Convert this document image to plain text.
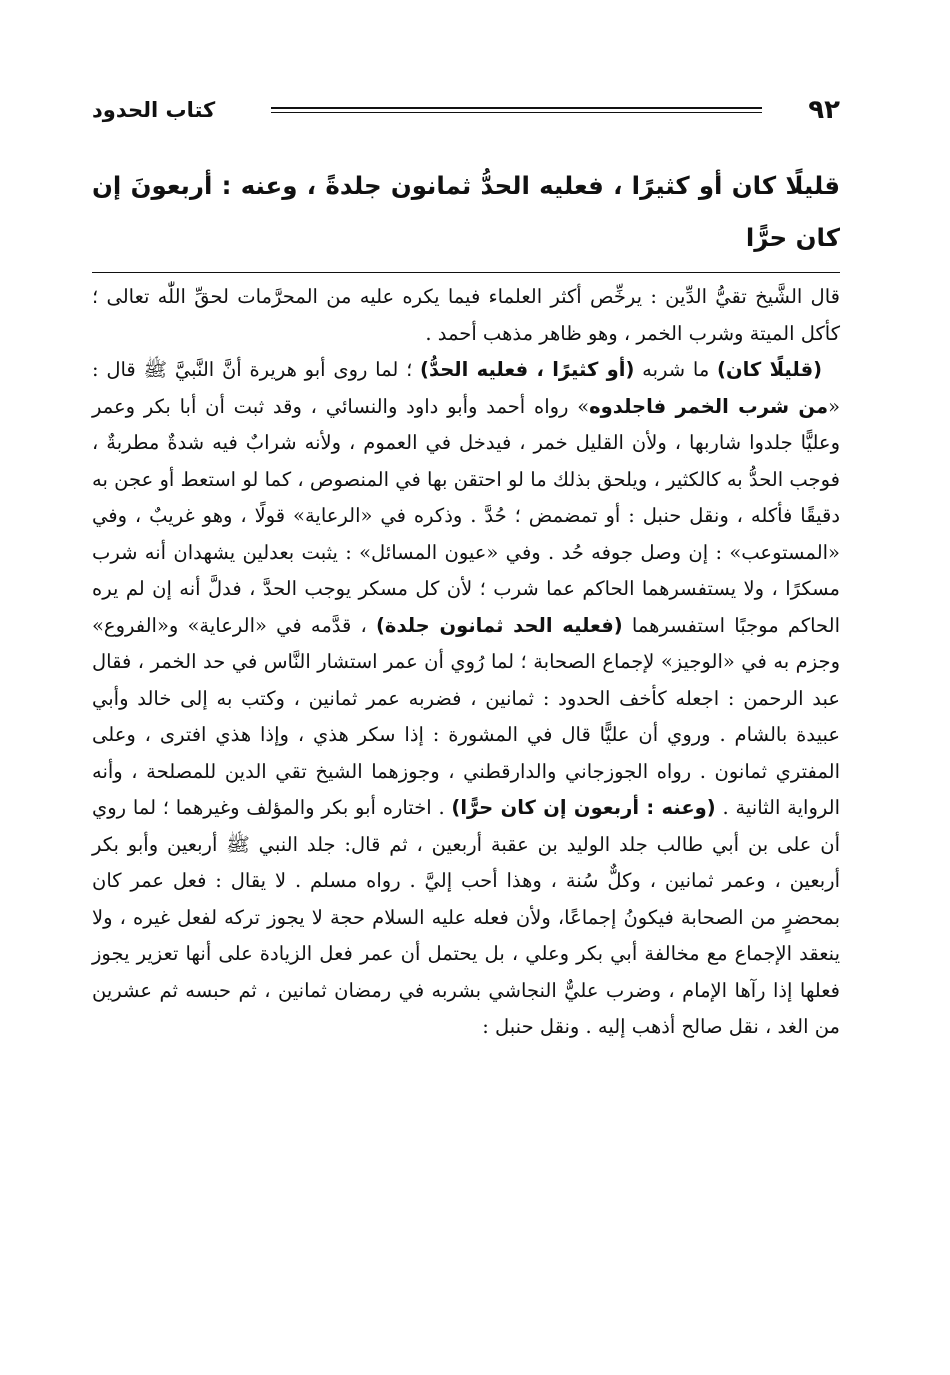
٩٢
كتاب الحدود
قليلًا كان أو كثيرًا ، فعليه الحدُّ ثمانون جلدةً ، وعنه : أربعونَ إن كان حرًّا

قال الشَّيخ تقيُّ الدِّين : يرخِّص أكثر العلماء فيما يكره عليه من المحرَّمات لحقِّ اللّٰه تعالى ؛ كأكل الميتة وشرب الخمر ، وهو ظاهر مذهب أحمد .

(قليلًا كان) ما شربه (أو كثيرًا ، فعليه الحدُّ) ؛ لما روى أبو هريرة أنَّ النَّبيَّ ﷺ قال : «من شرب الخمر فاجلدوه» رواه أحمد وأبو داود والنسائي ، وقد ثبت أن أبا بكر وعمر وعليًّا جلدوا شاربها ، ولأن القليل خمر ، فيدخل في العموم ، ولأنه شرابٌ فيه شدةٌ مطربةٌ ، فوجب الحدُّ به كالكثير ، ويلحق بذلك ما لو احتقن بها في المنصوص ، كما لو استعط أو عجن به دقيقًا فأكله ، ونقل حنبل : أو تمضمض ؛ حُدَّ . وذكره في «الرعاية» قولًا ، وهو غريبٌ ، وفي «المستوعب» : إن وصل جوفه حُد . وفي «عيون المسائل» : يثبت بعدلين يشهدان أنه شرب مسكرًا ، ولا يستفسرهما الحاكم عما شرب ؛ لأن كل مسكر يوجب الحدَّ ، فدلَّ أنه إن لم يره الحاكم موجبًا استفسرهما (فعليه الحد ثمانون جلدة) ، قدَّمه في «الرعاية» و«الفروع» وجزم به في «الوجيز» لإجماع الصحابة ؛ لما رُوي أن عمر استشار النَّاس في حد الخمر ، فقال عبد الرحمن : اجعله كأخف الحدود : ثمانين ، فضربه عمر ثمانين ، وكتب به إلى خالد وأبي عبيدة بالشام . وروي أن عليًّا قال في المشورة : إذا سكر هذي ، وإذا هذي افترى ، وعلى المفتري ثمانون . رواه الجوزجاني والدارقطني ، وجوزهما الشيخ تقي الدين للمصلحة ، وأنه الرواية الثانية . (وعنه : أربعون إن كان حرًّا) . اختاره أبو بكر والمؤلف وغيرهما ؛ لما روي أن على بن أبي طالب جلد الوليد بن عقبة أربعين ، ثم قال: جلد النبي ﷺ أربعين وأبو بكر أربعين ، وعمر ثمانين ، وكلٌّ سُنة ، وهذا أحب إليَّ . رواه مسلم . لا يقال : فعل عمر كان بمحضرٍ من الصحابة فيكونُ إجماعًا، ولأن فعله عليه السلام حجة لا يجوز تركه لفعل غيره ، ولا ينعقد الإجماع مع مخالفة أبي بكر وعلي ، بل يحتمل أن عمر فعل الزيادة على أنها تعزير يجوز فعلها إذا رآها الإمام ، وضرب عليٌّ النجاشي بشربه في رمضان ثمانين ، ثم حبسه ثم عشرين من الغد ، نقل صالح أذهب إليه . ونقل حنبل :
